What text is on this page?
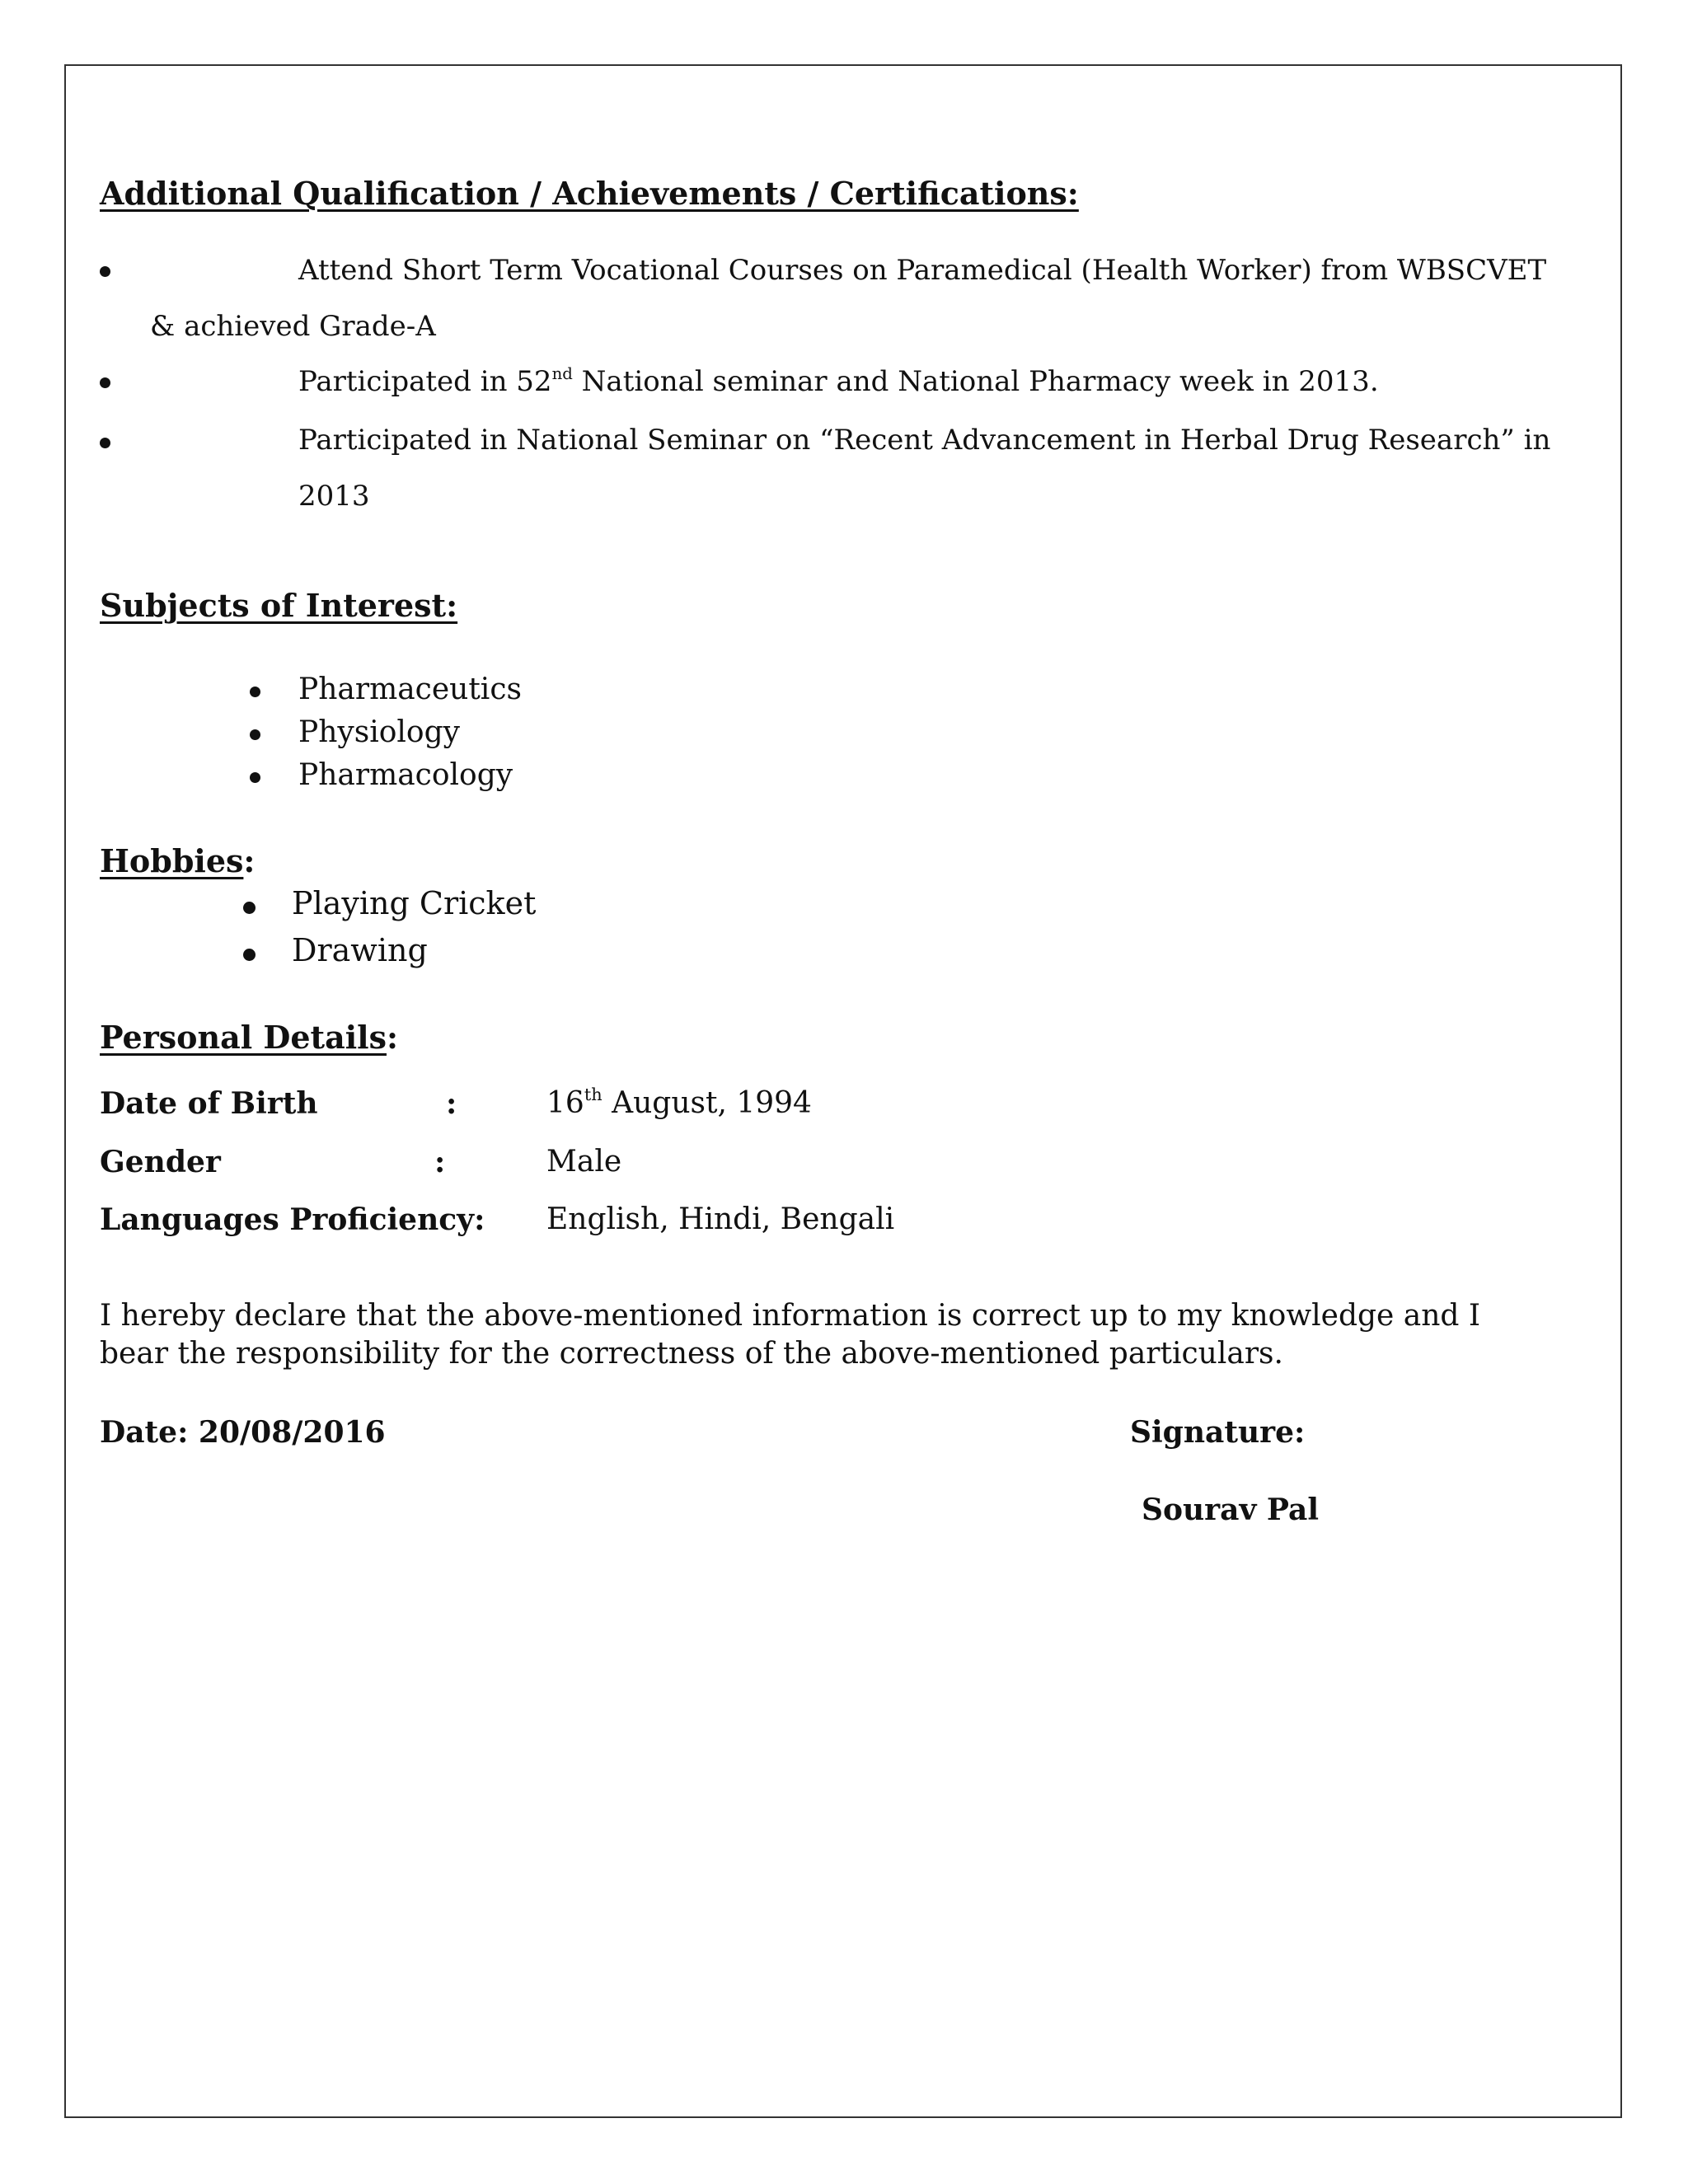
Additional Qualification / Achievements / Certifications:
Attend Short Term Vocational Courses on Paramedical (Health Worker) from WBSCVET
& achieved Grade-A
Participated in 52nd National seminar and National Pharmacy week in 2013.
Participated in National Seminar on “Recent Advancement in Herbal Drug Research” in
2013
Subjects of Interest:
Pharmaceutics
Physiology
Pharmacology
Hobbies:
Playing Cricket
Drawing
Personal Details:
Date of Birth	:	16th August, 1994
Gender	:	Male
Languages Proficiency: English, Hindi, Bengali
I hereby declare that the above-mentioned information is correct up to my knowledge and I
bear the responsibility for the correctness of the above-mentioned particulars.
Date: 20/08/2016	Signature:
Sourav Pal
